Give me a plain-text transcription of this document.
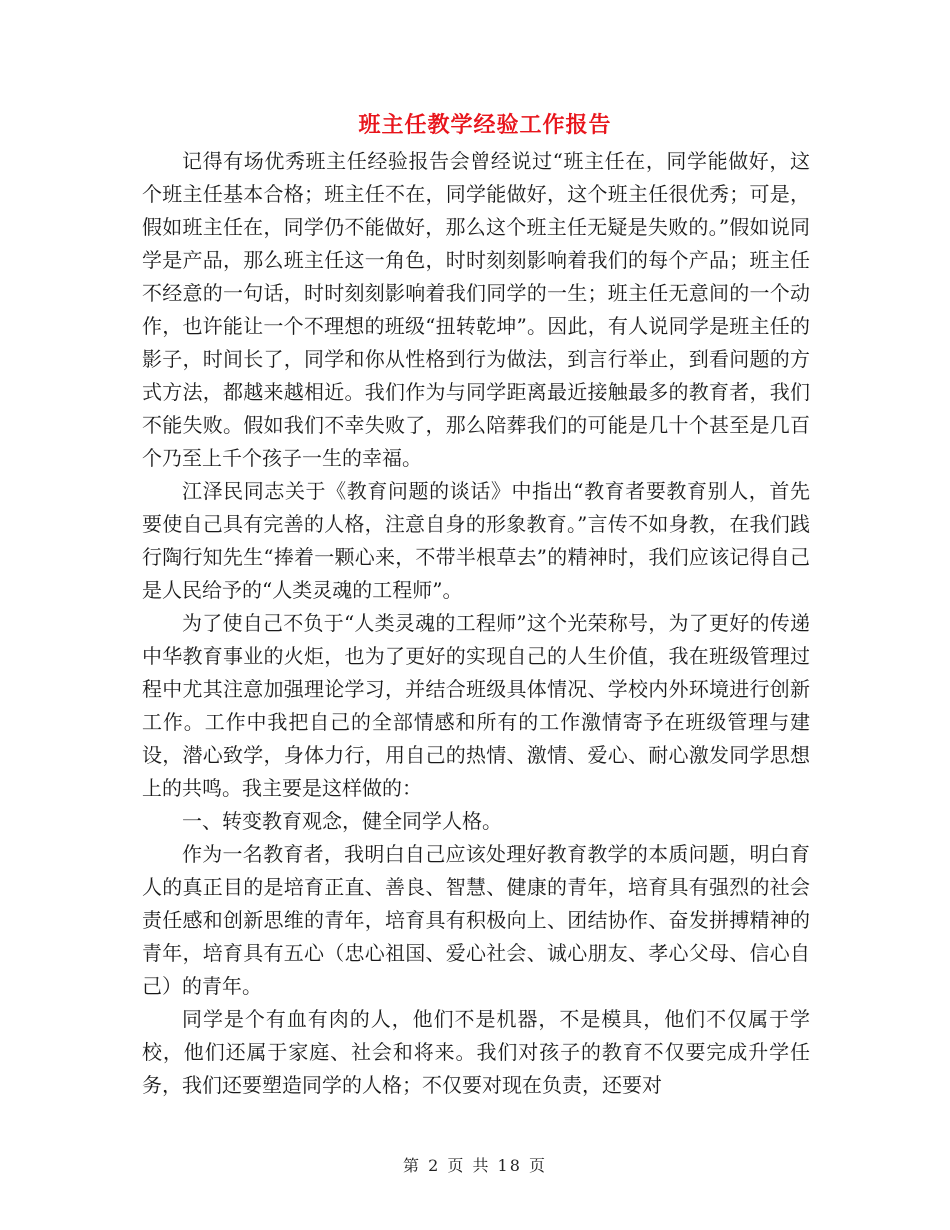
班主任教学经验工作报告

记得有场优秀班主任经验报告会曾经说过“班主任在，同学能做好，这个班主任基本合格；班主任不在，同学能做好，这个班主任很优秀；可是，假如班主任在，同学仍不能做好，那么这个班主任无疑是失败的。”假如说同学是产品，那么班主任这一角色，时时刻刻影响着我们的每个产品；班主任不经意的一句话，时时刻刻影响着我们同学的一生；班主任无意间的一个动作，也许能让一个不理想的班级“扭转乾坤”。因此，有人说同学是班主任的影子，时间长了，同学和你从性格到行为做法，到言行举止，到看问题的方式方法，都越来越相近。我们作为与同学距离最近接触最多的教育者，我们不能失败。假如我们不幸失败了，那么陪葬我们的可能是几十个甚至是几百个乃至上千个孩子一生的幸福。

江泽民同志关于《教育问题的谈话》中指出“教育者要教育别人，首先要使自己具有完善的人格，注意自身的形象教育。”言传不如身教，在我们践行陶行知先生“捧着一颗心来，不带半根草去”的精神时，我们应该记得自己是人民给予的“人类灵魂的工程师”。

为了使自己不负于“人类灵魂的工程师”这个光荣称号，为了更好的传递中华教育事业的火炬，也为了更好的实现自己的人生价值，我在班级管理过程中尤其注意加强理论学习，并结合班级具体情况、学校内外环境进行创新工作。工作中我把自己的全部情感和所有的工作激情寄予在班级管理与建设，潜心致学，身体力行，用自己的热情、激情、爱心、耐心激发同学思想上的共鸣。我主要是这样做的：

一、转变教育观念，健全同学人格。

作为一名教育者，我明白自己应该处理好教育教学的本质问题，明白育人的真正目的是培育正直、善良、智慧、健康的青年，培育具有强烈的社会责任感和创新思维的青年，培育具有积极向上、团结协作、奋发拼搏精神的青年，培育具有五心（忠心祖国、爱心社会、诚心朋友、孝心父母、信心自己）的青年。

同学是个有血有肉的人，他们不是机器，不是模具，他们不仅属于学校，他们还属于家庭、社会和将来。我们对孩子的教育不仅要完成升学任务，我们还要塑造同学的人格；不仅要对现在负责，还要对

第 2 页 共 18 页
